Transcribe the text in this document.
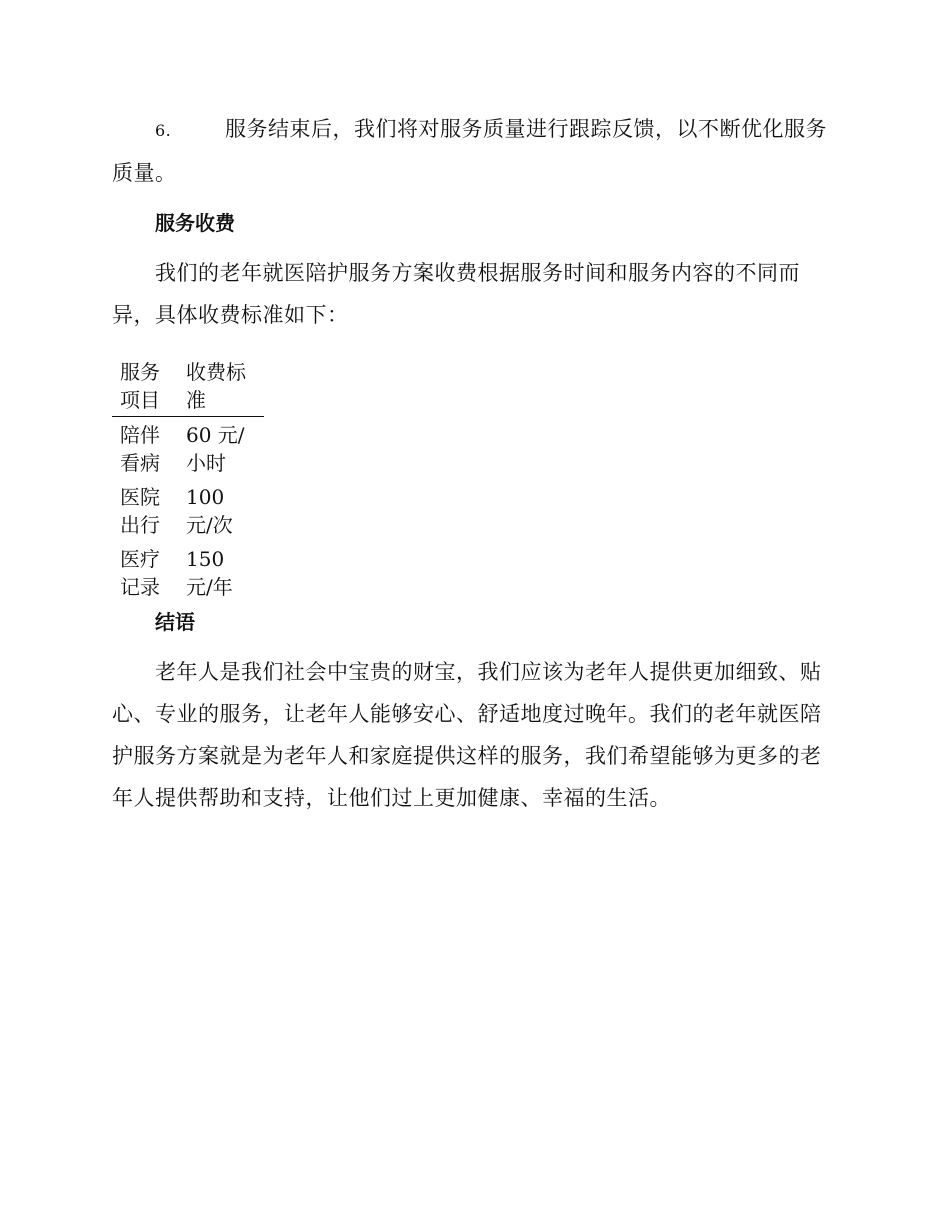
6.	服务结束后，我们将对服务质量进行跟踪反馈，以不断优化服务质量。

服务收费

我们的老年就医陪护服务方案收费根据服务时间和服务内容的不同而异，具体收费标准如下：

服务项目	收费标准
陪伴看病	60 元/小时
医院出行	100 元/次
医疗记录	150 元/年
结语

老年人是我们社会中宝贵的财宝，我们应该为老年人提供更加细致、贴心、专业的服务，让老年人能够安心、舒适地度过晚年。我们的老年就医陪护服务方案就是为老年人和家庭提供这样的服务，我们希望能够为更多的老年人提供帮助和支持，让他们过上更加健康、幸福的生活。
